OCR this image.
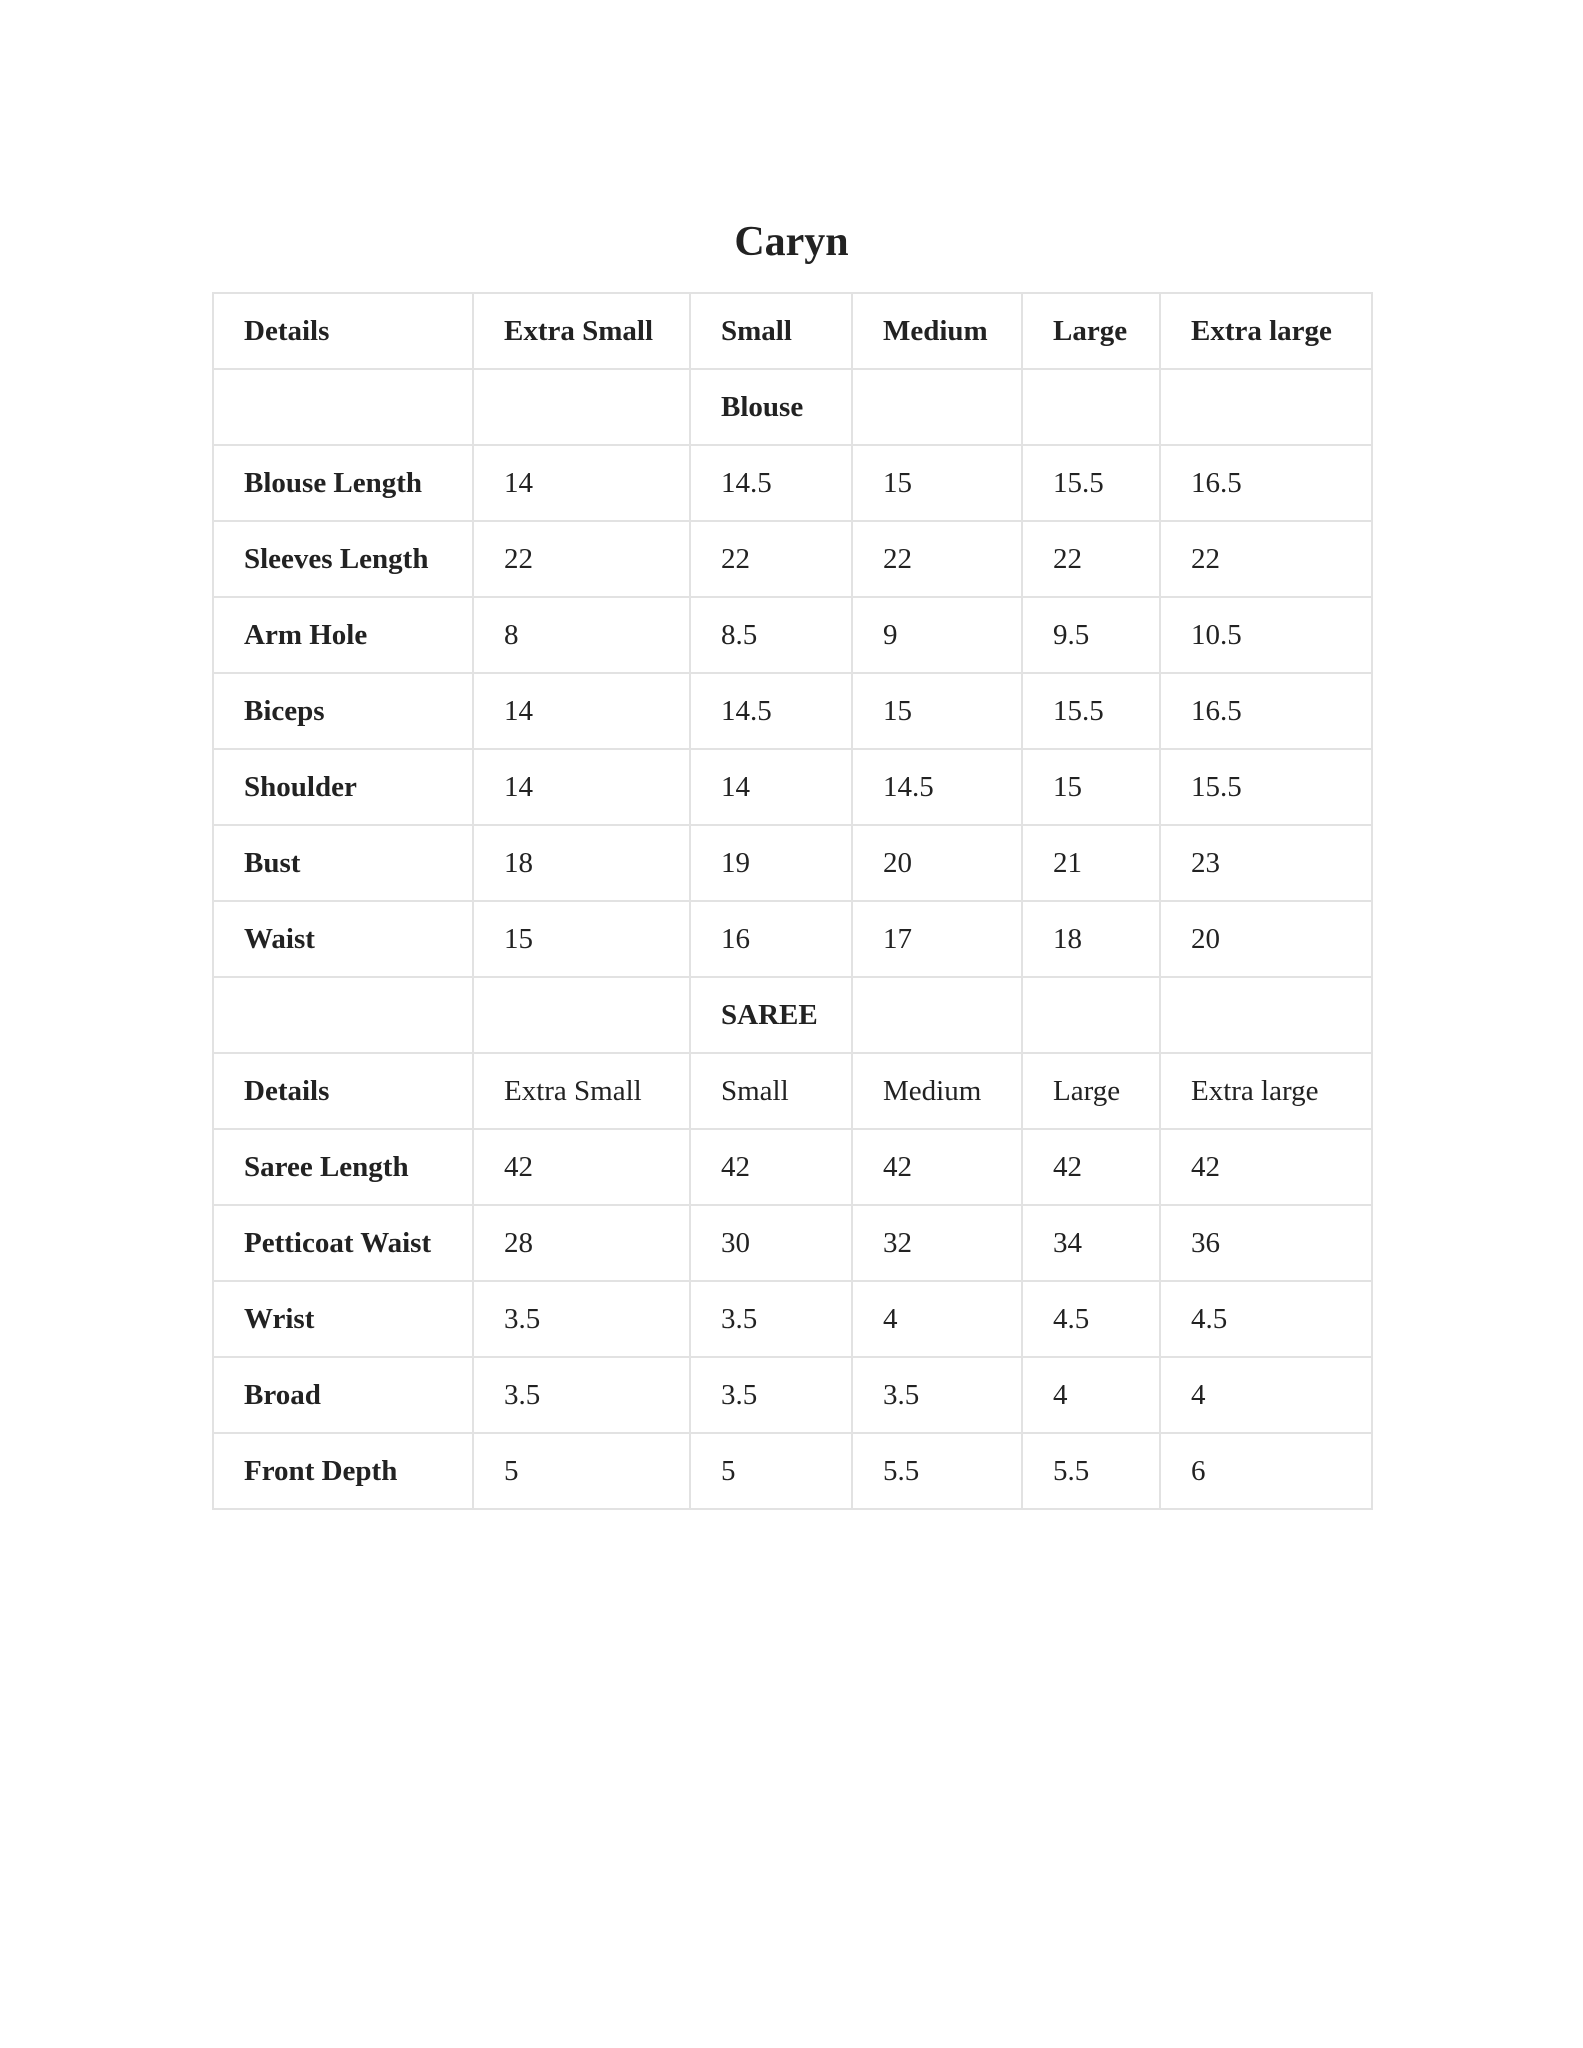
Caryn
Details	Extra Small	Small	Medium	Large	Extra large
		Blouse			
Blouse Length	14	14.5	15	15.5	16.5
Sleeves Length	22	22	22	22	22
Arm Hole	8	8.5	9	9.5	10.5
Biceps	14	14.5	15	15.5	16.5
Shoulder	14	14	14.5	15	15.5
Bust	18	19	20	21	23
Waist	15	16	17	18	20
		SAREE			
Details	Extra Small	Small	Medium	Large	Extra large
Saree Length	42	42	42	42	42
Petticoat Waist	28	30	32	34	36
Wrist	3.5	3.5	4	4.5	4.5
Broad	3.5	3.5	3.5	4	4
Front Depth	5	5	5.5	5.5	6
